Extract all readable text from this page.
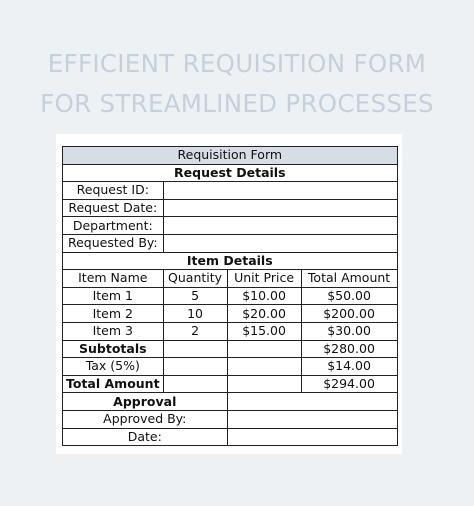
EFFICIENT REQUISITION FORM
FOR STREAMLINED PROCESSES
Requisition Form			
Request Details			
Request ID:			
Request Date:			
Department:			
Requested By:			
Item Details			
Item Name	Quantity	Unit Price	Total Amount
Item 1	5	$10.00	$50.00
Item 2	10	$20.00	$200.00
Item 3	2	$15.00	$30.00
Subtotals			$280.00
Tax (5%)			$14.00
Total Amount			$294.00
Approval			
Approved By:			
Date:			
